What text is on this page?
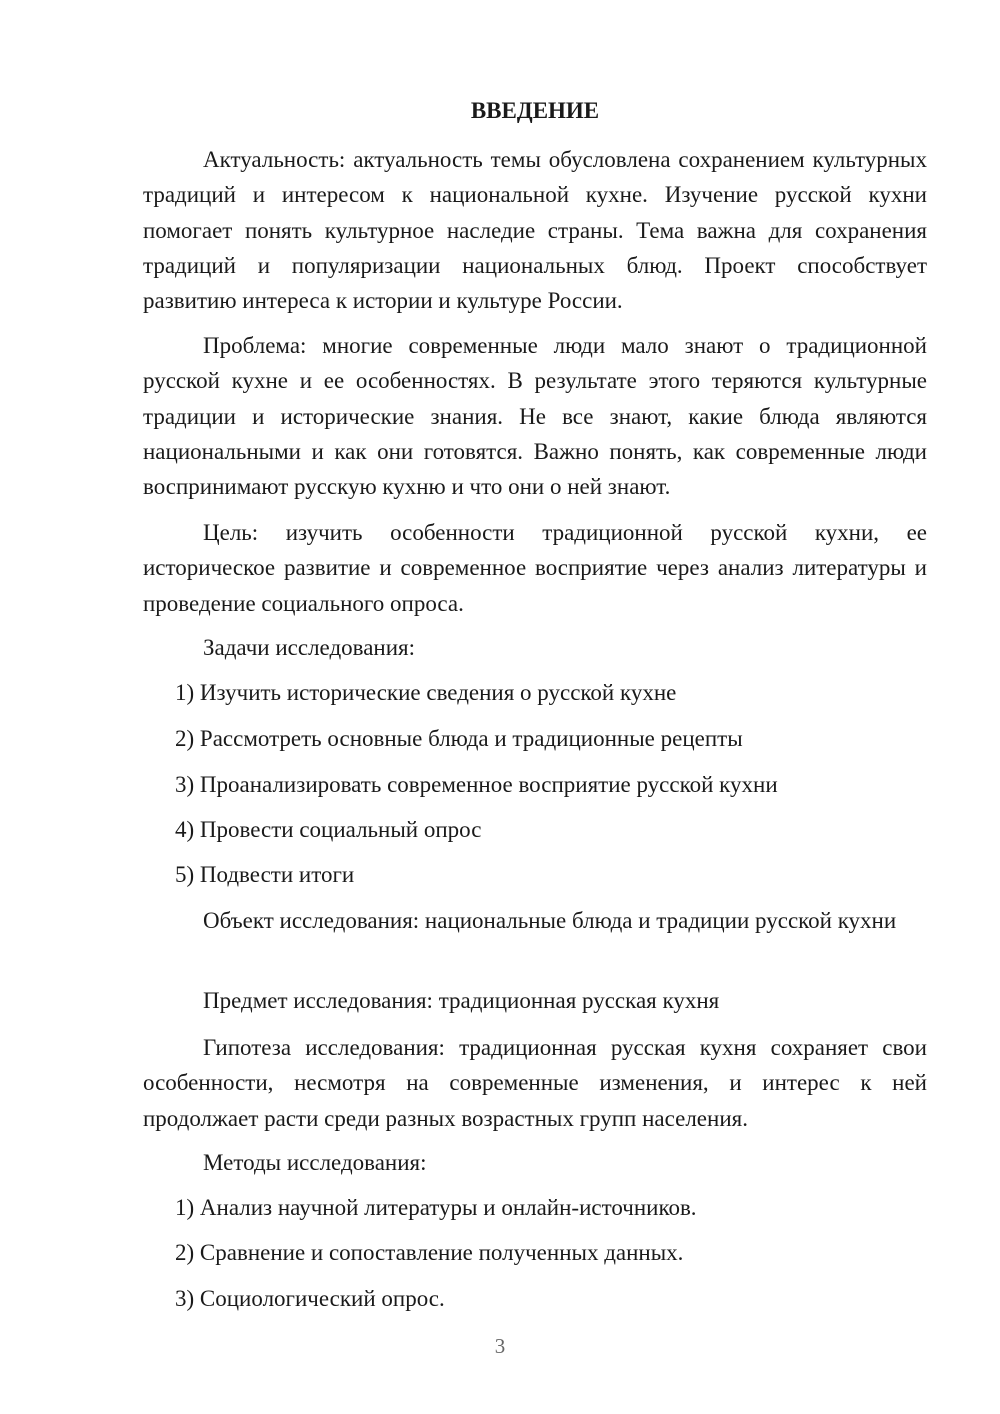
ВВЕДЕНИЕ

Актуальность: актуальность темы обусловлена сохранением культурных традиций и интересом к национальной кухне. Изучение русской кухни помогает понять культурное наследие страны. Тема важна для сохранения традиций и популяризации национальных блюд. Проект способствует развитию интереса к истории и культуре России.

Проблема: многие современные люди мало знают о традиционной русской кухне и ее особенностях. В результате этого теряются культурные традиции и исторические знания. Не все знают, какие блюда являются национальными и как они готовятся. Важно понять, как современные люди воспринимают русскую кухню и что они о ней знают.

Цель: изучить особенности традиционной русской кухни, ее историческое развитие и современное восприятие через анализ литературы и проведение социального опроса.

Задачи исследования:

1) Изучить исторические сведения о русской кухне

2) Рассмотреть основные блюда и традиционные рецепты

3) Проанализировать современное восприятие русской кухни

4) Провести социальный опрос

5) Подвести итоги

Объект исследования: национальные блюда и традиции русской кухни

Предмет исследования: традиционная русская кухня

Гипотеза исследования: традиционная русская кухня сохраняет свои особенности, несмотря на современные изменения, и интерес к ней продолжает расти среди разных возрастных групп населения.

Методы исследования:

1) Анализ научной литературы и онлайн-источников.

2) Сравнение и сопоставление полученных данных.

3) Социологический опрос.

3
